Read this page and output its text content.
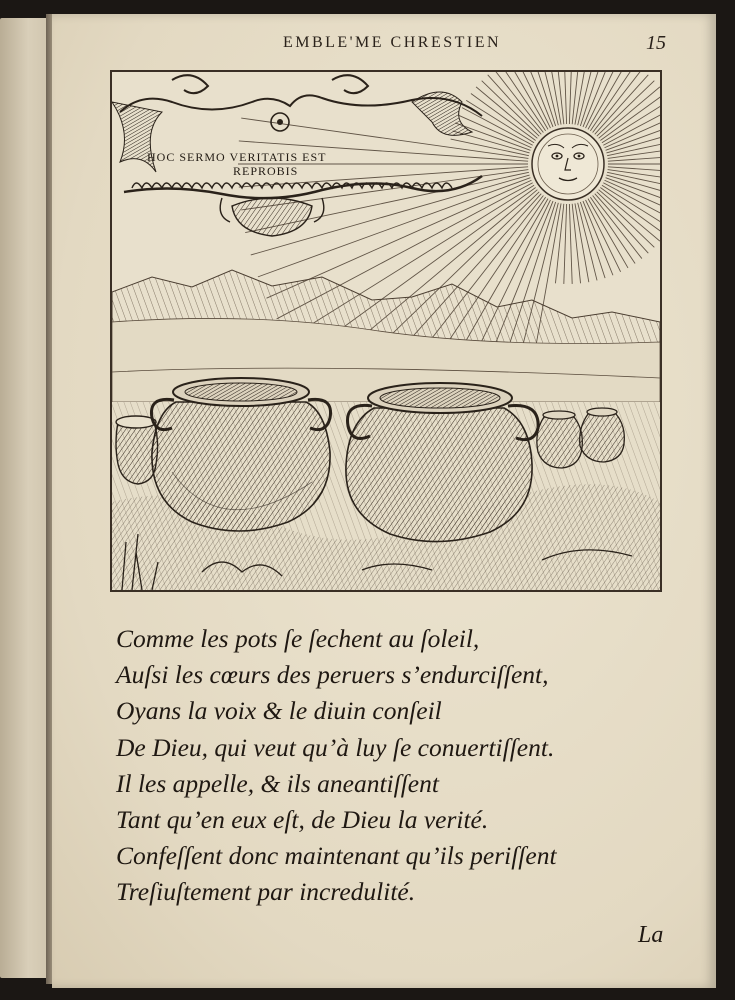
EMBLE'ME CHRESTIEN	15
HOC SERMO VERITATIS EST
REPROBIS
Comme les pots ſe ſechent au ſoleil,
Auſsi les cœurs des peruers s’endurciſſent,
Oyans la voix & le diuin conſeil
De Dieu, qui veut qu’à luy ſe conuertiſſent.
Il les appelle, & ils aneantiſſent
Tant qu’en eux eſt, de Dieu la verité.
Confeſſent donc maintenant qu’ils periſſent
Treſiuſtement par incredulité.
La
